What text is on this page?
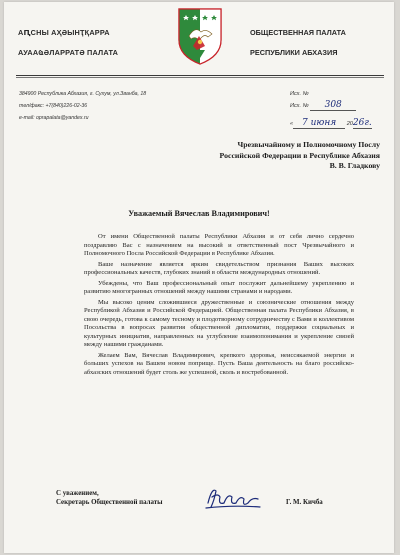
АԤСНЫ АҲӘЫНҬҚАРРА
АУААҨӘЛАРРАТӘ ПАЛАТА
ОБЩЕСТВЕННАЯ ПАЛАТА
РЕСПУБЛИКИ АБХАЗИЯ
384900 Республика Абхазия, г. Сухум, ул.Званба, 18
тел/факс: +7(840)226-02-36
e-mail: oprapalata@yandex.ru
Исх. №
Исх. № 308
« 7 июня 2026г.
Чрезвычайному и Полномочному Послу
Российской Федерации в Республике Абхазия
В. В. Гладкову
Уважаемый Вячеслав Владимирович!

От имени Общественной палаты Республики Абхазия и от себя лично сердечно поздравляю Вас с назначением на высокий и ответственный пост Чрезвычайного и Полномочного Посла Российской Федерации в Республике Абхазия.

Ваше назначение является ярким свидетельством признания Ваших высоких профессиональных качеств, глубоких знаний в области международных отношений.

Убеждены, что Ваш профессиональный опыт послужит дальнейшему укреплению и развитию многогранных отношений между нашими странами и народами.

Мы высоко ценим сложившиеся дружественные и союзнические отношения между Республикой Абхазия и Российской Федерацией. Общественная палата Республики Абхазия, в свою очередь, готова к самому тесному и плодотворному сотрудничеству с Вами и коллективом Посольства в вопросах развития общественной дипломатии, поддержки социальных и культурных инициатив, направленных на углубление взаимопонимания и укрепление связей между нашими гражданами.

Желаем Вам, Вячеслав Владимирович, крепкого здоровья, неиссякаемой энергии и больших успехов на Вашем новом поприще. Пусть Ваша деятельность на благо российско-абхазских отношений будет столь же успешной, сколь и востребованной.

С уважением,
Секретарь Общественной палаты	Г. М. Кичба
